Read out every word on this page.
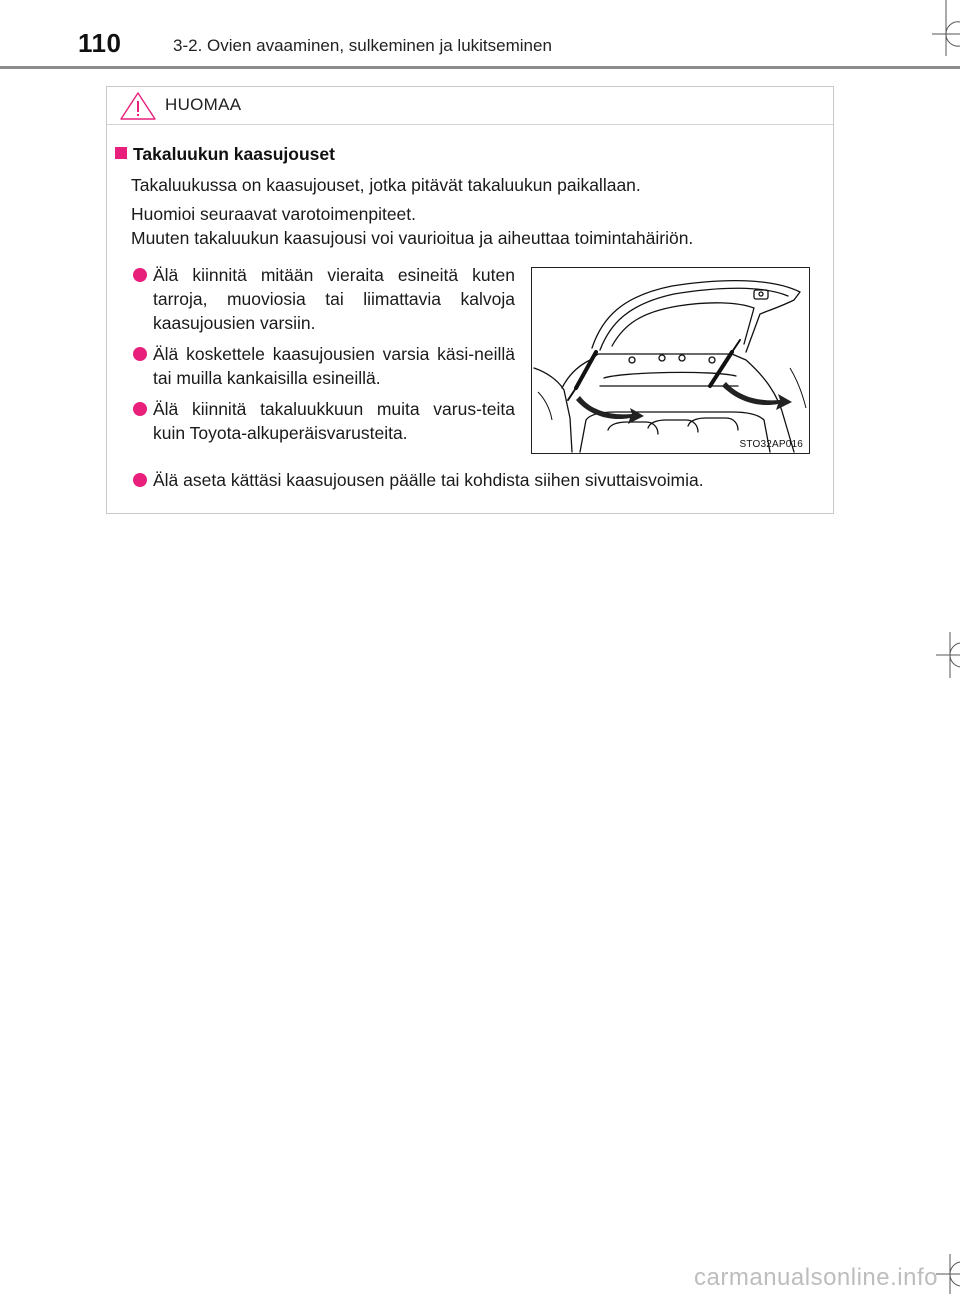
110	3-2. Ovien avaaminen, sulkeminen ja lukitseminen
HUOMAA
Takaluukun kaasujouset

Takaluukussa on kaasujouset, jotka pitävät takaluukun paikallaan.

Huomioi seuraavat varotoimenpiteet.

Muuten takaluukun kaasujousi voi vaurioitua ja aiheuttaa toimintahäiriön.

Älä kiinnitä mitään vieraita esineitä kuten tarroja, muoviosia tai liimattavia kalvoja kaasujousien varsiin.
Älä koskettele kaasujousien varsia käsi-neillä tai muilla kankaisilla esineillä.
Älä kiinnitä takaluukkuun muita varus-teita kuin Toyota-alkuperäisvarusteita.
Älä aseta kättäsi kaasujousen päälle tai kohdista siihen sivuttaisvoimia.
STO32AP016
carmanualsonline.info
